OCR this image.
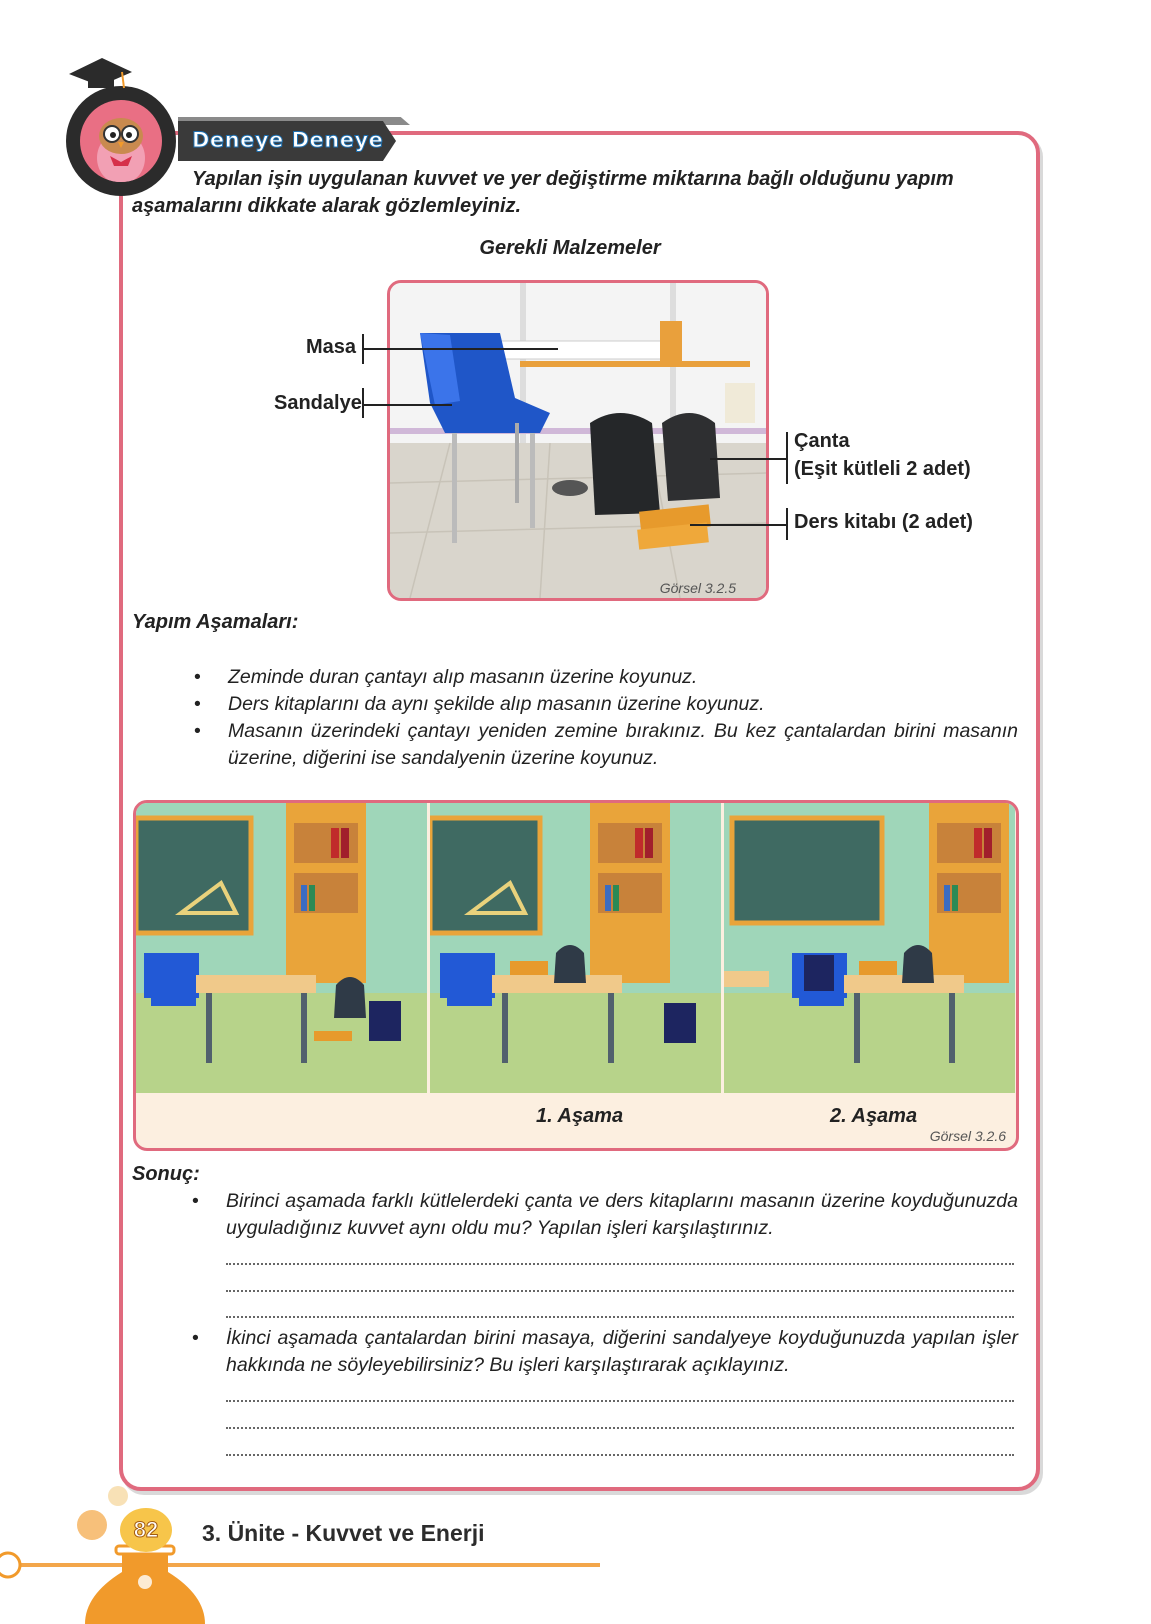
Deneye Deneye
Yapılan işin uygulanan kuvvet ve yer değiştirme miktarına bağlı olduğunu yapım
aşamalarını dikkate alarak gözlemleyiniz.
Gerekli Malzemeler
Görsel 3.2.5
Masa
Sandalye
Çanta
(Eşit kütleli 2 adet)
Ders kitabı (2 adet)
Yapım Aşamaları:
• Zeminde duran çantayı alıp masanın üzerine koyunuz.
• Ders kitaplarını da aynı şekilde alıp masanın üzerine koyunuz.
• Masanın üzerindeki çantayı yeniden zemine bırakınız. Bu kez çantalardan birini masanın üzerine, diğerini ise sandalyenin üzerine koyunuz.
1. Aşama	2. Aşama
Görsel 3.2.6
Sonuç:
• Birinci aşamada farklı kütlelerdeki çanta ve ders kitaplarını masanın üzerine koyduğunuzda uyguladığınız kuvvet aynı oldu mu? Yapılan işleri karşılaştırınız.
• İkinci aşamada çantalardan birini masaya, diğerini sandalyeye koyduğunuzda yapılan işler hakkında ne söyleyebilirsiniz? Bu işleri karşılaştırarak açıklayınız.
82	3. Ünite - Kuvvet ve Enerji
